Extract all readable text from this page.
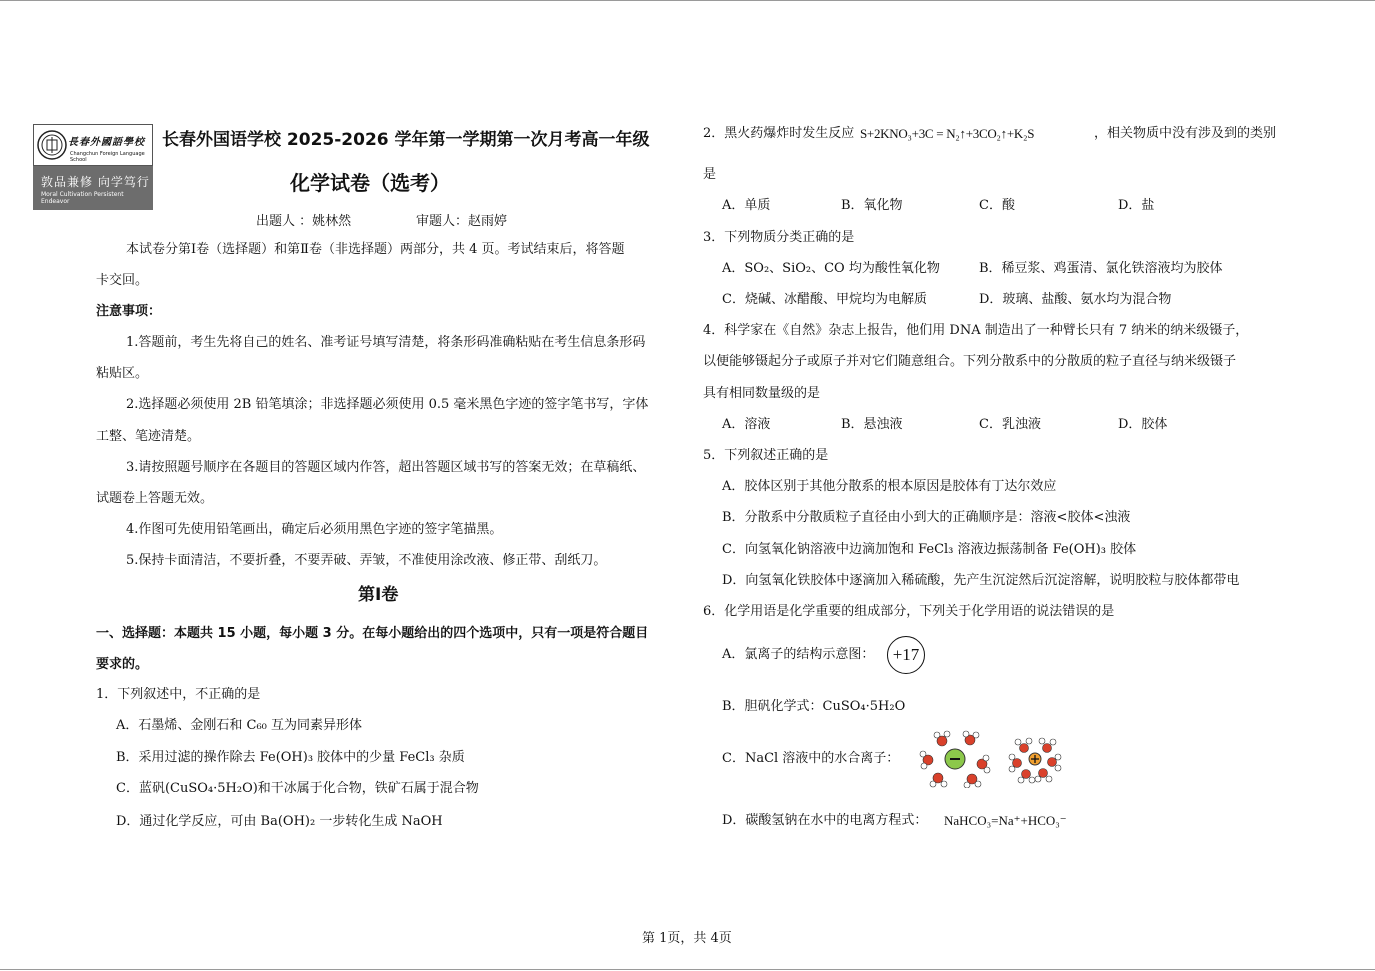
長春外國語學校
Changchun Foreign Language School
敦品兼修 向学笃行
Moral Cultivation Persistent Endeavor
长春外国语学校 2025-2026 学年第一学期第一次月考高一年级
化学试卷（选考）
出题人 ：姚林然	审题人：赵雨婷
本试卷分第Ⅰ卷（选择题）和第Ⅱ卷（非选择题）两部分，共 4 页。考试结束后，将答题
卡交回。
注意事项：
1.答题前，考生先将自己的姓名、准考证号填写清楚，将条形码准确粘贴在考生信息条形码
粘贴区。
2.选择题必须使用 2B 铅笔填涂；非选择题必须使用 0.5 毫米黑色字迹的签字笔书写，字体
工整、笔迹清楚。
3.请按照题号顺序在各题目的答题区域内作答，超出答题区域书写的答案无效；在草稿纸、
试题卷上答题无效。
4.作图可先使用铅笔画出，确定后必须用黑色字迹的签字笔描黑。
5.保持卡面清洁，不要折叠，不要弄破、弄皱，不准使用涂改液、修正带、刮纸刀。
第Ⅰ卷
一、选择题：本题共 15 小题，每小题 3 分。在每小题给出的四个选项中，只有一项是符合题目
要求的。
1．下列叙述中，不正确的是
A．石墨烯、金刚石和 C₆₀ 互为同素异形体
B．采用过滤的操作除去 Fe(OH)₃ 胶体中的少量 FeCl₃ 杂质
C．蓝矾(CuSO₄·5H₂O)和干冰属于化合物，铁矿石属于混合物
D．通过化学反应，可由 Ba(OH)₂ 一步转化生成 NaOH
2．黑火药爆炸时发生反应 S+2KNO₃+3C = N₂↑+3CO₂↑+K₂S	，相关物质中没有涉及到的类别
是
A．单质	B．氧化物	C．酸	D．盐
3．下列物质分类正确的是
A．SO₂、SiO₂、CO 均为酸性氧化物	B．稀豆浆、鸡蛋清、氯化铁溶液均为胶体
C．烧碱、冰醋酸、甲烷均为电解质	D．玻璃、盐酸、氨水均为混合物
4．科学家在《自然》杂志上报告，他们用 DNA 制造出了一种臂长只有 7 纳米的纳米级镊子，
以便能够镊起分子或原子并对它们随意组合。下列分散系中的分散质的粒子直径与纳米级镊子
具有相同数量级的是
A．溶液	B．悬浊液	C．乳浊液	D．胶体
5．下列叙述正确的是
A．胶体区别于其他分散系的根本原因是胶体有丁达尔效应
B．分散系中分散质粒子直径由小到大的正确顺序是：溶液<胶体<浊液
C．向氢氧化钠溶液中边滴加饱和 FeCl₃ 溶液边振荡制备 Fe(OH)₃ 胶体
D．向氢氧化铁胶体中逐滴加入稀硫酸，先产生沉淀然后沉淀溶解，说明胶粒与胶体都带电
6．化学用语是化学重要的组成部分，下列关于化学用语的说法错误的是
A．氯离子的结构示意图：	+17
B．胆矾化学式：CuSO₄·5H₂O
C．NaCl 溶液中的水合离子：
D．碳酸氢钠在水中的电离方程式： NaHCO₃=Na⁺+HCO₃⁻
第 1页，共 4页
